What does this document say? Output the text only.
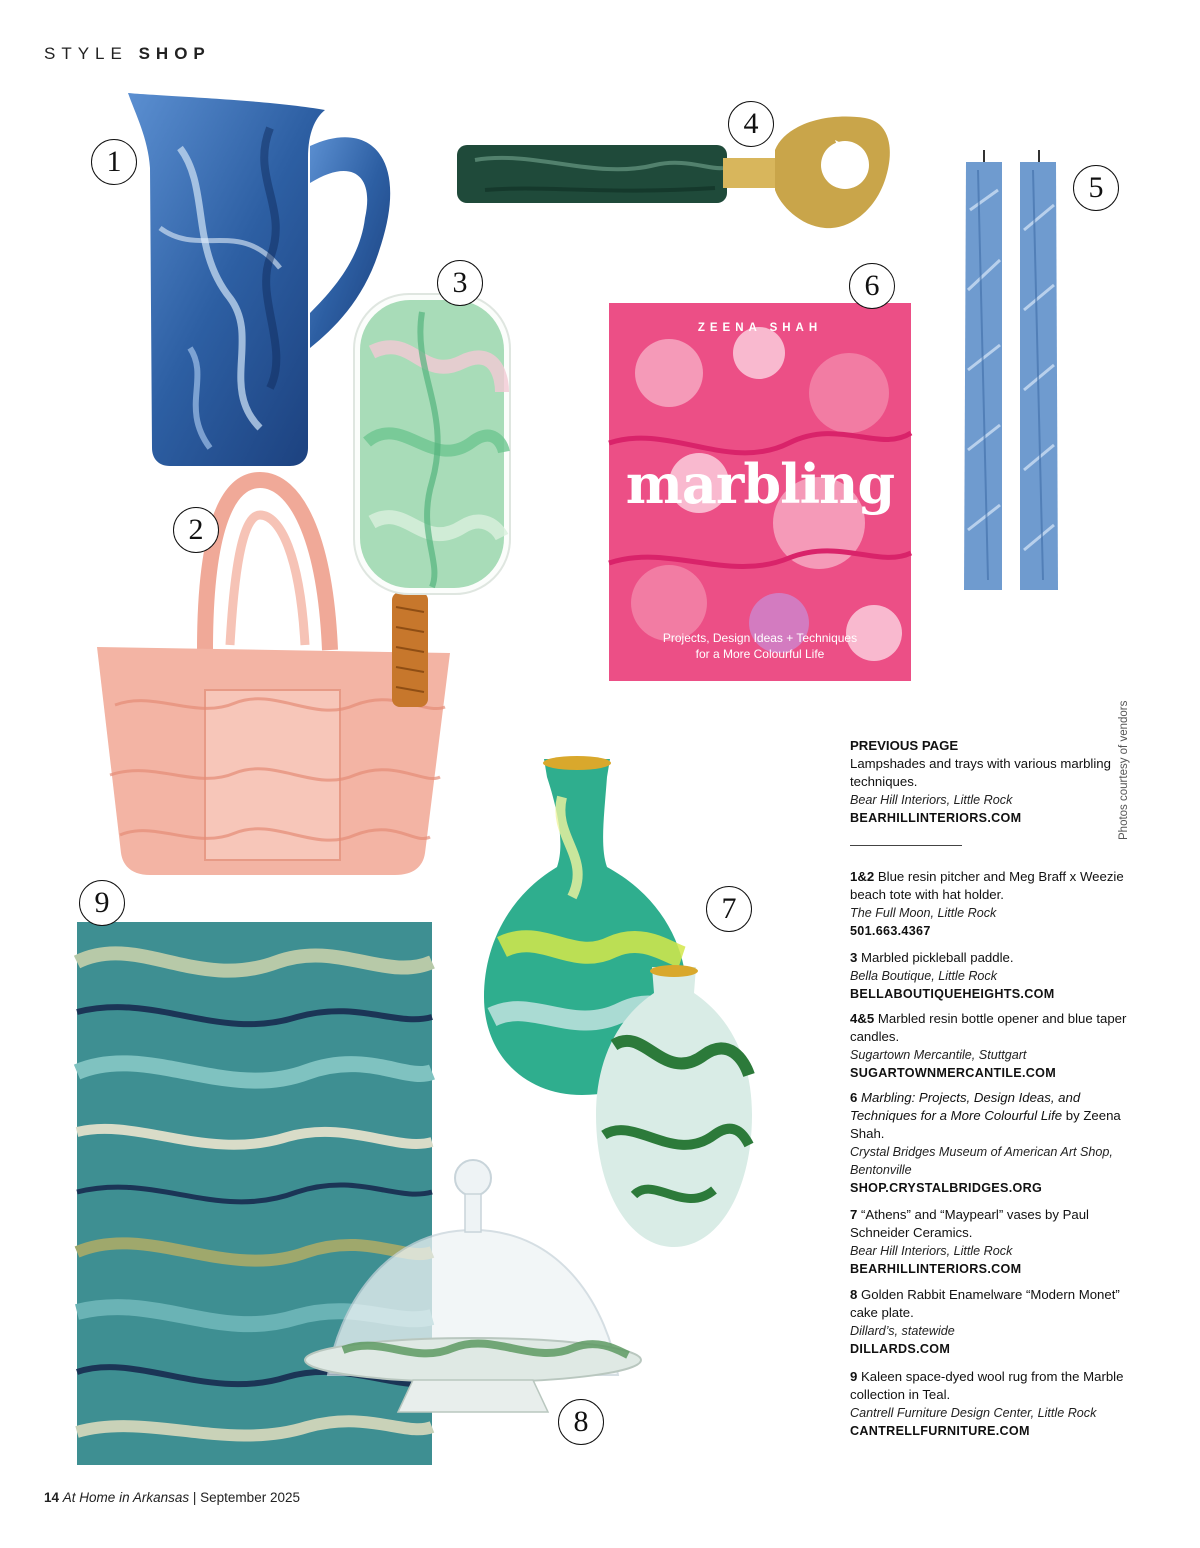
STYLE SHOP
ZEENA SHAH
marbling
Projects, Design Ideas + Techniques
for a More Colourful Life
1
2
3
4
5
6
7
8
9
PREVIOUS PAGE
Lampshades and trays with various marbling techniques.
Bear Hill Interiors, Little Rock
BEARHILLINTERIORS.COM
1&2 Blue resin pitcher and Meg Braff x Weezie beach tote with hat holder.
The Full Moon, Little Rock
501.663.4367
3 Marbled pickleball paddle.
Bella Boutique, Little Rock
BELLABOUTIQUEHEIGHTS.COM
4&5 Marbled resin bottle opener and blue taper candles.
Sugartown Mercantile, Stuttgart
SUGARTOWNMERCANTILE.COM
6 Marbling: Projects, Design Ideas, and Techniques for a More Colourful Life by Zeena Shah.
Crystal Bridges Museum of American Art Shop, Bentonville
SHOP.CRYSTALBRIDGES.ORG
7 “Athens” and “Maypearl” vases by Paul Schneider Ceramics.
Bear Hill Interiors, Little Rock
BEARHILLINTERIORS.COM
8 Golden Rabbit Enamelware “Modern Monet” cake plate.
Dillard’s, statewide
DILLARDS.COM
9 Kaleen space-dyed wool rug from the Marble collection in Teal.
Cantrell Furniture Design Center, Little Rock
CANTRELLFURNITURE.COM
Photos courtesy of vendors
14 At Home in Arkansas | September 2025
